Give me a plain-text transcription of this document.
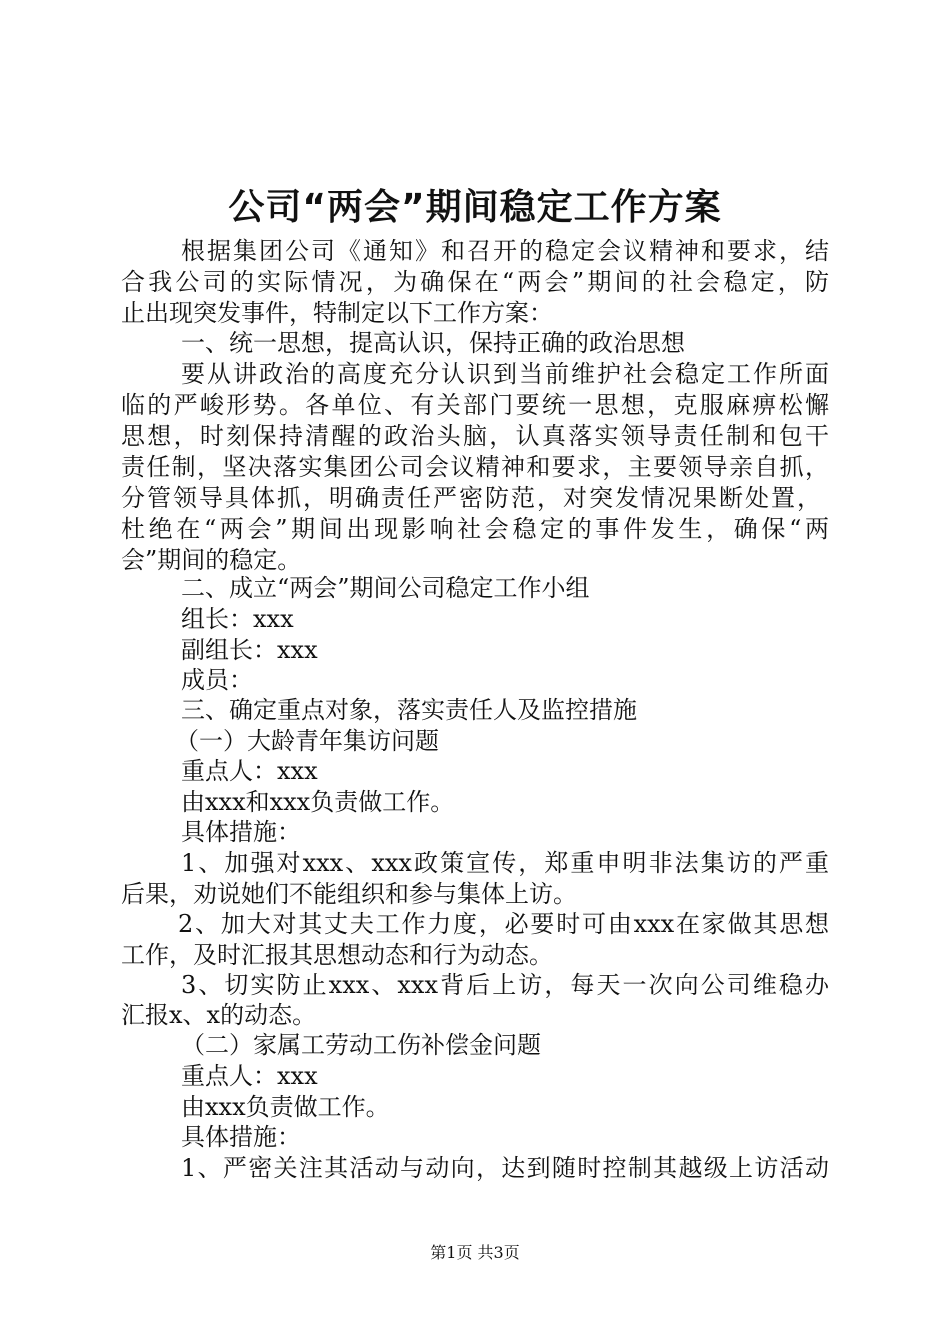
公司“两会”期间稳定工作方案
根据集团公司《通知》和召开的稳定会议精神和要求，结
合我公司的实际情况，为确保在“两会”期间的社会稳定，防
止出现突发事件，特制定以下工作方案：
一、统一思想，提高认识，保持正确的政治思想
要从讲政治的高度充分认识到当前维护社会稳定工作所面
临的严峻形势。各单位、有关部门要统一思想，克服麻痹松懈
思想，时刻保持清醒的政治头脑，认真落实领导责任制和包干
责任制，坚决落实集团公司会议精神和要求，主要领导亲自抓，
分管领导具体抓，明确责任严密防范，对突发情况果断处置，
杜绝在“两会”期间出现影响社会稳定的事件发生，确保“两
会”期间的稳定。
二、成立“两会”期间公司稳定工作小组
组长：xxx
副组长：xxx
成员：
三、确定重点对象，落实责任人及监控措施
（一）大龄青年集访问题
重点人：xxx
由xxx和xxx负责做工作。
具体措施：
1、加强对xxx、xxx政策宣传，郑重申明非法集访的严重
后果，劝说她们不能组织和参与集体上访。
2、加大对其丈夫工作力度，必要时可由xxx在家做其思想
工作，及时汇报其思想动态和行为动态。
3、切实防止xxx、xxx背后上访，每天一次向公司维稳办
汇报x、x的动态。
（二）家属工劳动工伤补偿金问题
重点人：xxx
由xxx负责做工作。
具体措施：
1、严密关注其活动与动向，达到随时控制其越级上访活动
第1页 共3页
